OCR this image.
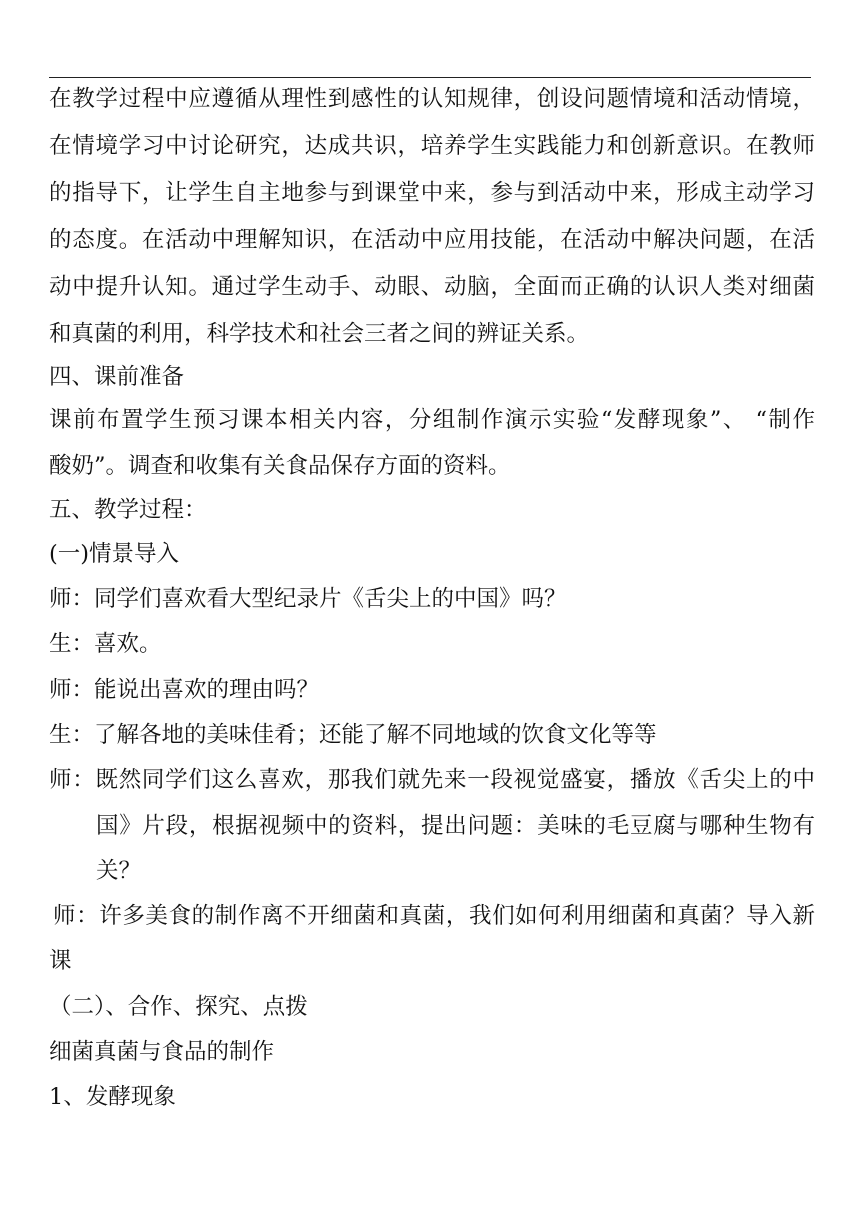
在教学过程中应遵循从理性到感性的认知规律，创设问题情境和活动情境，
在情境学习中讨论研究，达成共识，培养学生实践能力和创新意识。在教师
的指导下，让学生自主地参与到课堂中来，参与到活动中来，形成主动学习
的态度。在活动中理解知识，在活动中应用技能，在活动中解决问题，在活
动中提升认知。通过学生动手、动眼、动脑，全面而正确的认识人类对细菌
和真菌的利用，科学技术和社会三者之间的辨证关系。
四、课前准备
课前布置学生预习课本相关内容，分组制作演示实验“发酵现象”、 “制作
酸奶”。调查和收集有关食品保存方面的资料。
五、教学过程：
(一)情景导入
师：同学们喜欢看大型纪录片《舌尖上的中国》吗？
生：喜欢。
师：能说出喜欢的理由吗？
生：了解各地的美味佳肴；还能了解不同地域的饮食文化等等
师：既然同学们这么喜欢，那我们就先来一段视觉盛宴，播放《舌尖上的中
国》片段，根据视频中的资料，提出问题：美味的毛豆腐与哪种生物有
关？
师：许多美食的制作离不开细菌和真菌，我们如何利用细菌和真菌？导入新
课
（二）、合作、探究、点拨
细菌真菌与食品的制作
1、发酵现象
